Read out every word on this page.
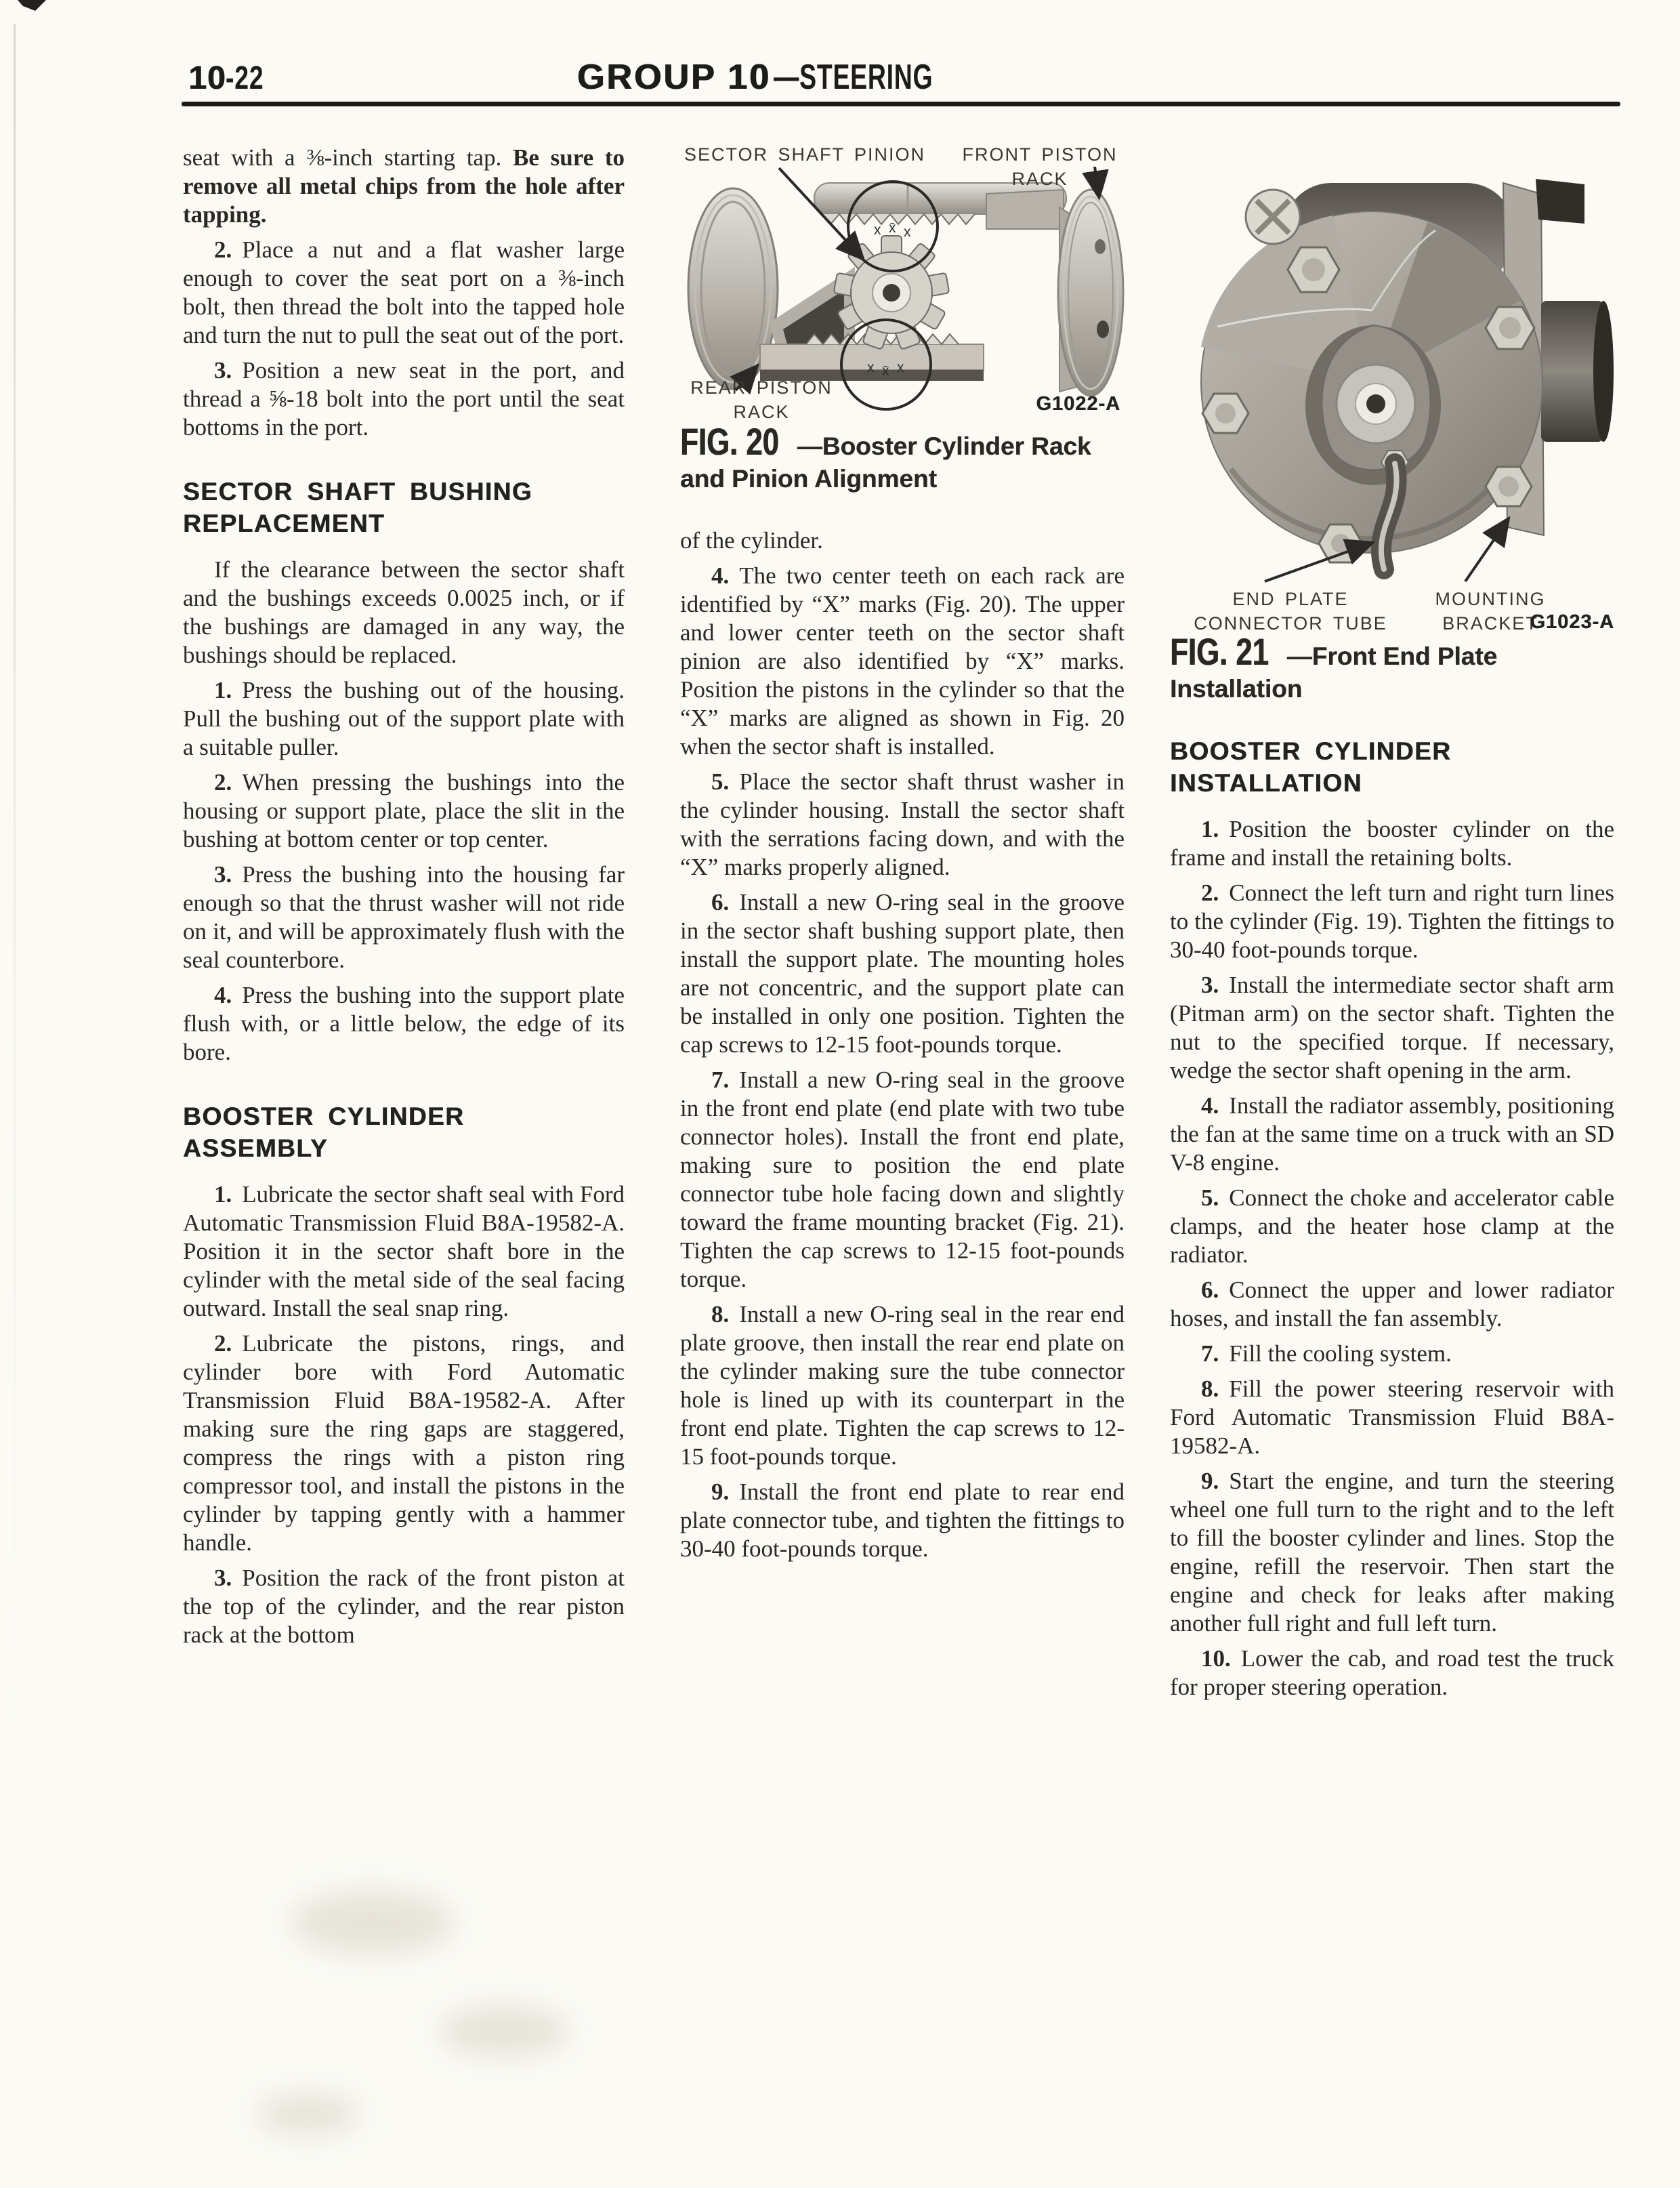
10-22	GROUP 10—STEERING

seat with a ⅜-inch starting tap. Be sure to remove all metal chips from the hole after tapping.

2. Place a nut and a flat washer large enough to cover the seat port on a ⅜-inch bolt, then thread the bolt into the tapped hole and turn the nut to pull the seat out of the port.

3. Position a new seat in the port, and thread a ⅝-18 bolt into the port until the seat bottoms in the port.

SECTOR SHAFT BUSHING REPLACEMENT

If the clearance between the sector shaft and the bushings exceeds 0.0025 inch, or if the bushings are damaged in any way, the bushings should be replaced.

1. Press the bushing out of the housing. Pull the bushing out of the support plate with a suitable puller.

2. When pressing the bushings into the housing or support plate, place the slit in the bushing at bottom center or top center.

3. Press the bushing into the housing far enough so that the thrust washer will not ride on it, and will be approximately flush with the seal counterbore.

4. Press the bushing into the support plate flush with, or a little below, the edge of its bore.

BOOSTER CYLINDER ASSEMBLY

1. Lubricate the sector shaft seal with Ford Automatic Transmission Fluid B8A-19582-A. Position it in the sector shaft bore in the cylinder with the metal side of the seal facing outward. Install the seal snap ring.

2. Lubricate the pistons, rings, and cylinder bore with Ford Automatic Transmission Fluid B8A-19582-A. After making sure the ring gaps are staggered, compress the rings with a piston ring compressor tool, and install the pistons in the cylinder by tapping gently with a hammer handle.

3. Position the rack of the front piston at the top of the cylinder, and the rear piston rack at the bottom

x x̄ x
x x̄ x
SECTOR SHAFT PINION	FRONT PISTON
RACK
REAR PISTON
RACK	G1022-A

FIG. 20 —Booster Cylinder Rack and Pinion Alignment

of the cylinder.

4. The two center teeth on each rack are identified by “X” marks (Fig. 20). The upper and lower center teeth on the sector shaft pinion are also identified by “X” marks. Position the pistons in the cylinder so that the “X” marks are aligned as shown in Fig. 20 when the sector shaft is installed.

5. Place the sector shaft thrust washer in the cylinder housing. Install the sector shaft with the serrations facing down, and with the “X” marks properly aligned.

6. Install a new O-ring seal in the groove in the sector shaft bushing support plate, then install the support plate. The mounting holes are not concentric, and the support plate can be installed in only one position. Tighten the cap screws to 12-15 foot-pounds torque.

7. Install a new O-ring seal in the groove in the front end plate (end plate with two tube connector holes). Install the front end plate, making sure to position the end plate connector tube hole facing down and slightly toward the frame mounting bracket (Fig. 21). Tighten the cap screws to 12-15 foot-pounds torque.

8. Install a new O-ring seal in the rear end plate groove, then install the rear end plate on the cylinder making sure the tube connector hole is lined up with its counterpart in the front end plate. Tighten the cap screws to 12-15 foot-pounds torque.

9. Install the front end plate to rear end plate connector tube, and tighten the fittings to 30-40 foot-pounds torque.

END PLATE
CONNECTOR TUBE
MOUNTING
BRACKET
G1023-A

FIG. 21 —Front End Plate Installation

BOOSTER CYLINDER INSTALLATION

1. Position the booster cylinder on the frame and install the retaining bolts.

2. Connect the left turn and right turn lines to the cylinder (Fig. 19). Tighten the fittings to 30-40 foot-pounds torque.

3. Install the intermediate sector shaft arm (Pitman arm) on the sector shaft. Tighten the nut to the specified torque. If necessary, wedge the sector shaft opening in the arm.

4. Install the radiator assembly, positioning the fan at the same time on a truck with an SD V-8 engine.

5. Connect the choke and accelerator cable clamps, and the heater hose clamp at the radiator.

6. Connect the upper and lower radiator hoses, and install the fan assembly.

7. Fill the cooling system.

8. Fill the power steering reservoir with Ford Automatic Transmission Fluid B8A-19582-A.

9. Start the engine, and turn the steering wheel one full turn to the right and to the left to fill the booster cylinder and lines. Stop the engine, refill the reservoir. Then start the engine and check for leaks after making another full right and full left turn.

10. Lower the cab, and road test the truck for proper steering operation.
